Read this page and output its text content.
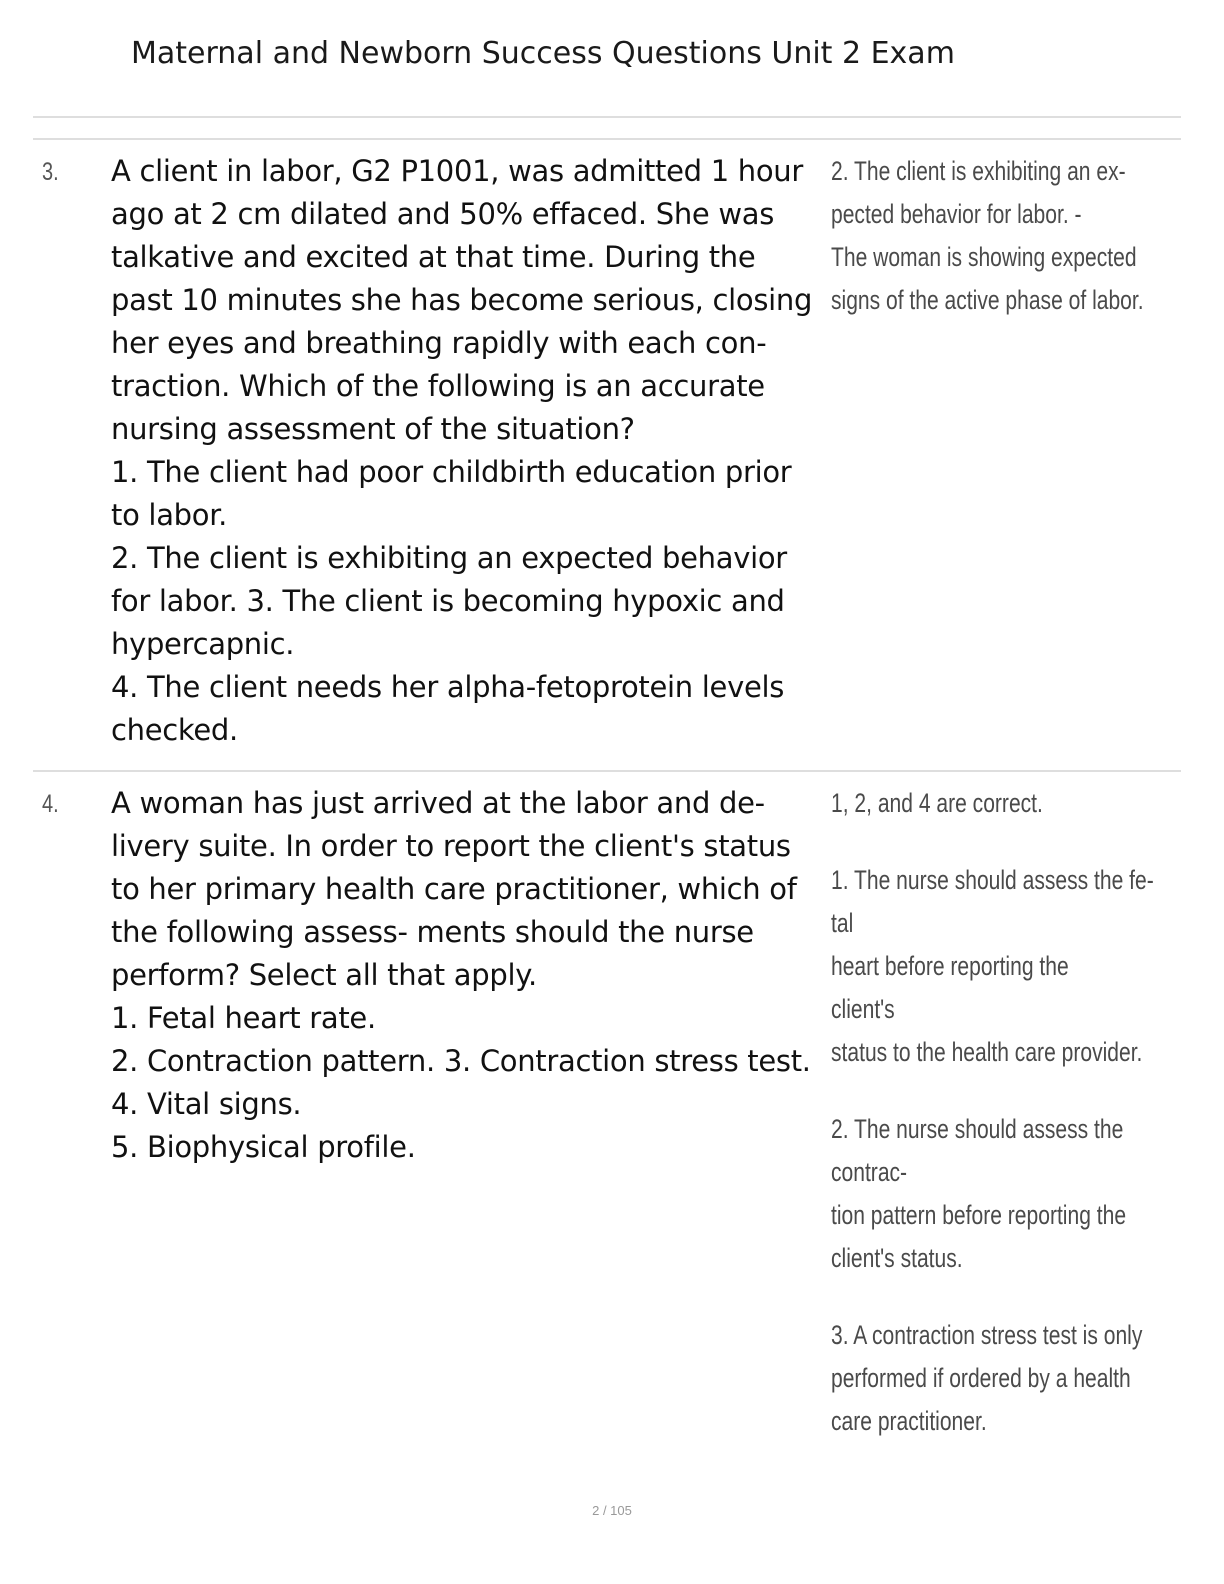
Maternal and Newborn Success Questions Unit 2 Exam
3. A client in labor, G2 P1001, was admitted 1 hour
ago at 2 cm dilated and 50% effaced. She was
talkative and excited at that time. During the
past 10 minutes she has become serious, closing
her eyes and breathing rapidly with each con-
traction. Which of the following is an accurate
nursing assessment of the situation?
1. The client had poor childbirth education prior
to labor.
2. The client is exhibiting an expected behavior
for labor. 3. The client is becoming hypoxic and
hypercapnic.
4. The client needs her alpha-fetoprotein levels
checked.
2. The client is exhibiting an ex-
pected behavior for labor. -
The woman is showing expected
signs of the active phase of labor.
4. A woman has just arrived at the labor and de-
livery suite. In order to report the client's status
to her primary health care practitioner, which of
the following assess- ments should the nurse
perform? Select all that apply.
1. Fetal heart rate.
2. Contraction pattern. 3. Contraction stress test.
4. Vital signs.
5. Biophysical profile.
1, 2, and 4 are correct.
1. The nurse should assess the fe-
tal
heart before reporting the
client's
status to the health care provider.
2. The nurse should assess the
contrac-
tion pattern before reporting the
client's status.
3. A contraction stress test is only
performed if ordered by a health
care practitioner.
2 / 105
